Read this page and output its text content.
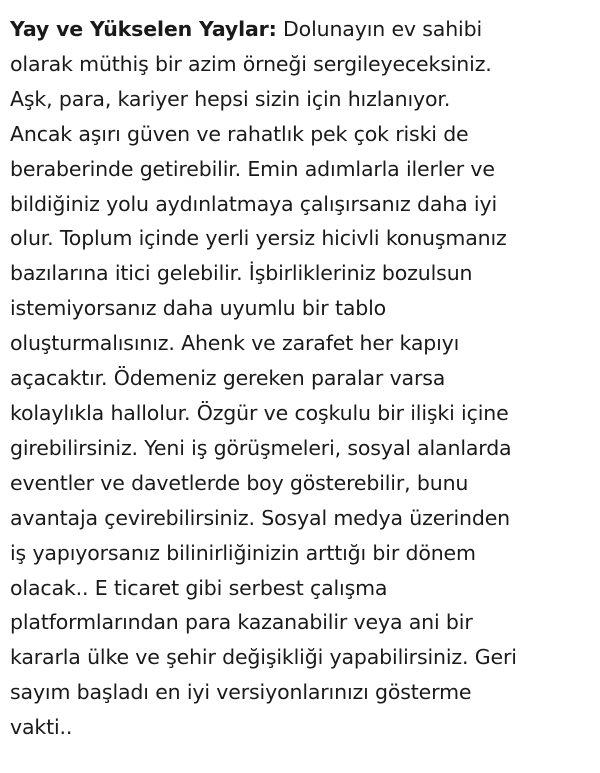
Yay ve Yükselen Yaylar: Dolunayın ev sahibi
olarak müthiş bir azim örneği sergileyeceksiniz.
Aşk, para, kariyer hepsi sizin için hızlanıyor.
Ancak aşırı güven ve rahatlık pek çok riski de
beraberinde getirebilir. Emin adımlarla ilerler ve
bildiğiniz yolu aydınlatmaya çalışırsanız daha iyi
olur. Toplum içinde yerli yersiz hicivli konuşmanız
bazılarına itici gelebilir. İşbirlikleriniz bozulsun
istemiyorsanız daha uyumlu bir tablo
oluşturmalısınız. Ahenk ve zarafet her kapıyı
açacaktır. Ödemeniz gereken paralar varsa
kolaylıkla hallolur. Özgür ve coşkulu bir ilişki içine
girebilirsiniz. Yeni iş görüşmeleri, sosyal alanlarda
eventler ve davetlerde boy gösterebilir, bunu
avantaja çevirebilirsiniz. Sosyal medya üzerinden
iş yapıyorsanız bilinirliğinizin arttığı bir dönem
olacak.. E ticaret gibi serbest çalışma
platformlarından para kazanabilir veya ani bir
kararla ülke ve şehir değişikliği yapabilirsiniz. Geri
sayım başladı en iyi versiyonlarınızı gösterme
vakti..
